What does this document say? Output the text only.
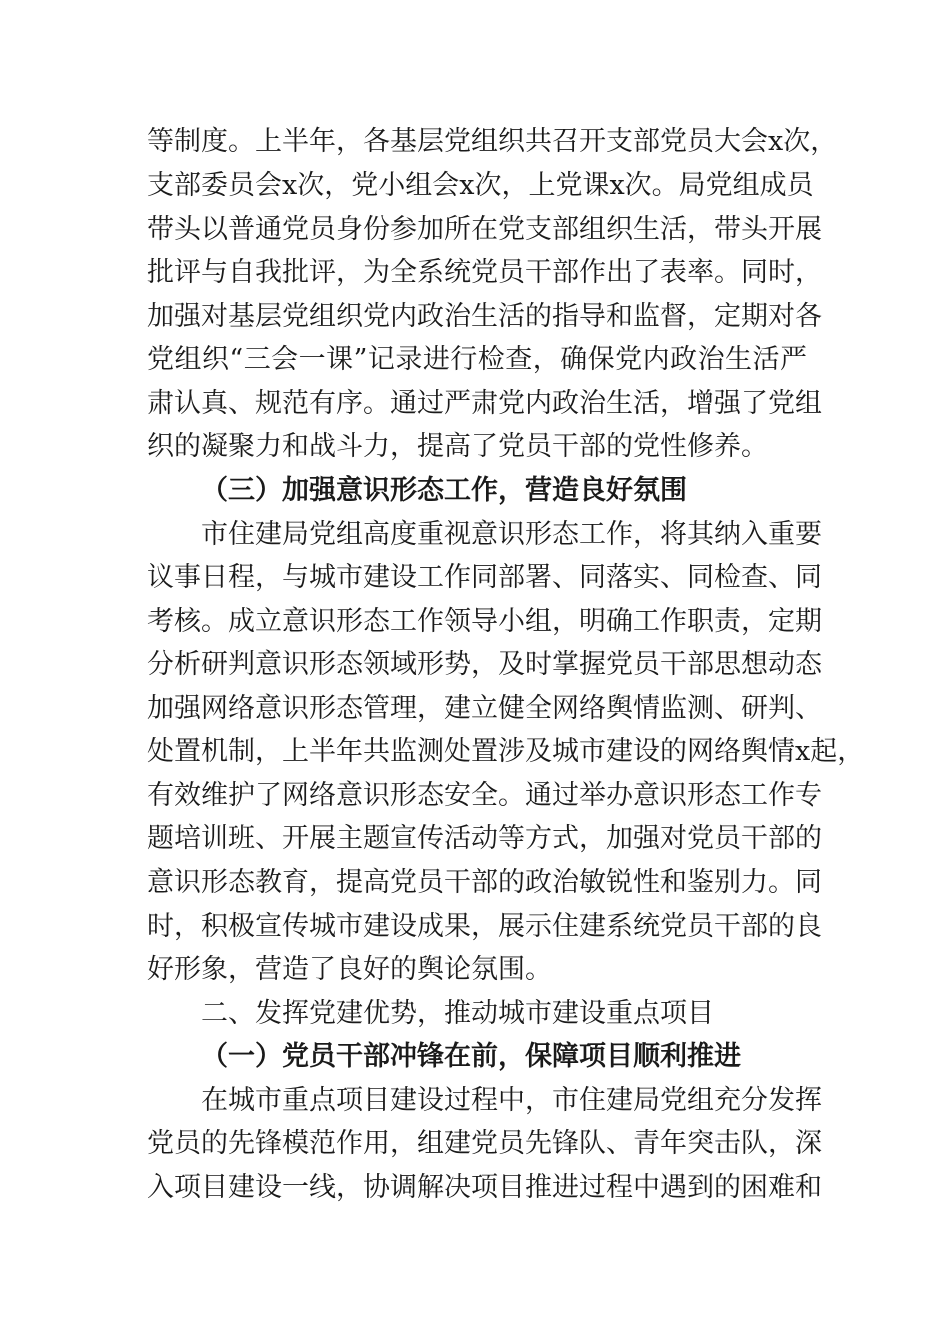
等制度。上半年，各基层党组织共召开支部党员大会x次，
支部委员会x次，党小组会x次，上党课x次。局党组成员
带头以普通党员身份参加所在党支部组织生活，带头开展
批评与自我批评，为全系统党员干部作出了表率。同时，
加强对基层党组织党内政治生活的指导和监督，定期对各
党组织“三会一课”记录进行检查，确保党内政治生活严
肃认真、规范有序。通过严肃党内政治生活，增强了党组
织的凝聚力和战斗力，提高了党员干部的党性修养。
（三）加强意识形态工作，营造良好氛围
市住建局党组高度重视意识形态工作，将其纳入重要
议事日程，与城市建设工作同部署、同落实、同检查、同
考核。成立意识形态工作领导小组，明确工作职责，定期
分析研判意识形态领域形势，及时掌握党员干部思想动态
加强网络意识形态管理，建立健全网络舆情监测、研判、
处置机制，上半年共监测处置涉及城市建设的网络舆情x起，
有效维护了网络意识形态安全。通过举办意识形态工作专
题培训班、开展主题宣传活动等方式，加强对党员干部的
意识形态教育，提高党员干部的政治敏锐性和鉴别力。同
时，积极宣传城市建设成果，展示住建系统党员干部的良
好形象，营造了良好的舆论氛围。
二、发挥党建优势，推动城市建设重点项目
（一）党员干部冲锋在前，保障项目顺利推进
在城市重点项目建设过程中，市住建局党组充分发挥
党员的先锋模范作用，组建党员先锋队、青年突击队，深
入项目建设一线，协调解决项目推进过程中遇到的困难和
